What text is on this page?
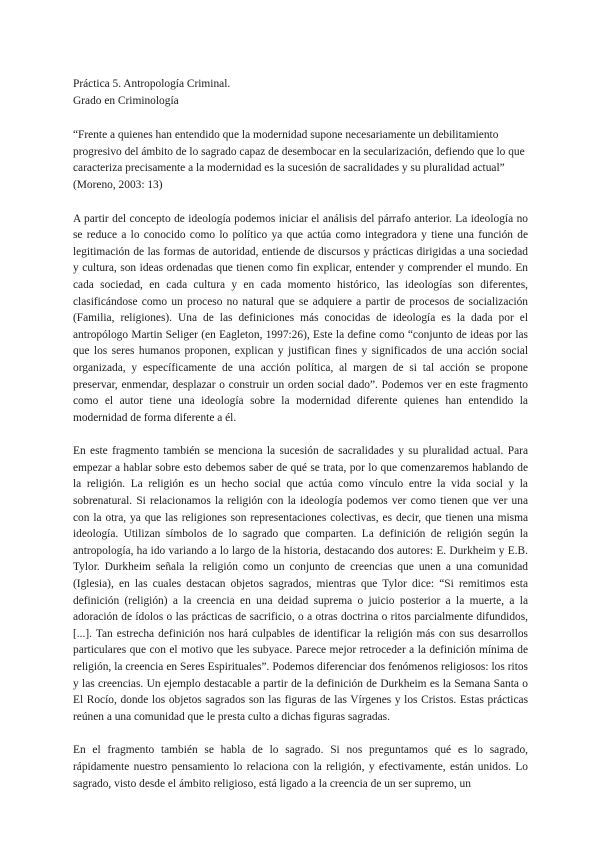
Práctica 5. Antropología Criminal.

Grado en Criminología

“Frente a quienes han entendido que la modernidad supone necesariamente un debilitamiento progresivo del ámbito de lo sagrado capaz de desembocar en la secularización, defiendo que lo que caracteriza precisamente a la modernidad es la sucesión de sacralidades y su pluralidad actual” (Moreno, 2003: 13)

A partir del concepto de ideología podemos iniciar el análisis del párrafo anterior. La ideología no se reduce a lo conocido como lo político ya que actúa como integradora y tiene una función de legitimación de las formas de autoridad, entiende de discursos y prácticas dirigidas a una sociedad y cultura, son ideas ordenadas que tienen como fin explicar, entender y comprender el mundo. En cada sociedad, en cada cultura y en cada momento histórico, las ideologías son diferentes, clasificándose como un proceso no natural que se adquiere a partir de procesos de socialización (Familia, religiones). Una de las definiciones más conocidas de ideología es la dada por el antropólogo Martin Seliger (en Eagleton, 1997:26), Este la define como “conjunto de ideas por las que los seres humanos proponen, explican y justifican fines y significados de una acción social organizada, y específicamente de una acción política, al margen de si tal acción se propone preservar, enmendar, desplazar o construir un orden social dado”. Podemos ver en este fragmento como el autor tiene una ideología sobre la modernidad diferente quienes han entendido la modernidad de forma diferente a él.

En este fragmento también se menciona la sucesión de sacralidades y su pluralidad actual. Para empezar a hablar sobre esto debemos saber de qué se trata, por lo que comenzaremos hablando de la religión. La religión es un hecho social que actúa como vínculo entre la vida social y la sobrenatural. Si relacionamos la religión con la ideología podemos ver como tienen que ver una con la otra, ya que las religiones son representaciones colectivas, es decir, que tienen una misma ideología. Utilizan símbolos de lo sagrado que comparten. La definición de religión según la antropología, ha ido variando a lo largo de la historia, destacando dos autores: E. Durkheim y E.B. Tylor. Durkheim señala la religión como un conjunto de creencias que unen a una comunidad (Iglesia), en las cuales destacan objetos sagrados, mientras que Tylor dice: “Si remitimos esta definición (religión) a la creencia en una deidad suprema o juicio posterior a la muerte, a la adoración de ídolos o las prácticas de sacrificio, o a otras doctrina o ritos parcialmente difundidos, [...]. Tan estrecha definición nos hará culpables de identificar la religión más con sus desarrollos particulares que con el motivo que les subyace. Parece mejor retroceder a la definición mínima de religión, la creencia en Seres Espirituales”. Podemos diferenciar dos fenómenos religiosos: los ritos y las creencias. Un ejemplo destacable a partir de la definición de Durkheim es la Semana Santa o El Rocío, donde los objetos sagrados son las figuras de las Vírgenes y los Cristos. Estas prácticas reúnen a una comunidad que le presta culto a dichas figuras sagradas.

En el fragmento también se habla de lo sagrado. Si nos preguntamos qué es lo sagrado, rápidamente nuestro pensamiento lo relaciona con la religión, y efectivamente, están unidos. Lo sagrado, visto desde el ámbito religioso, está ligado a la creencia de un ser supremo, un
